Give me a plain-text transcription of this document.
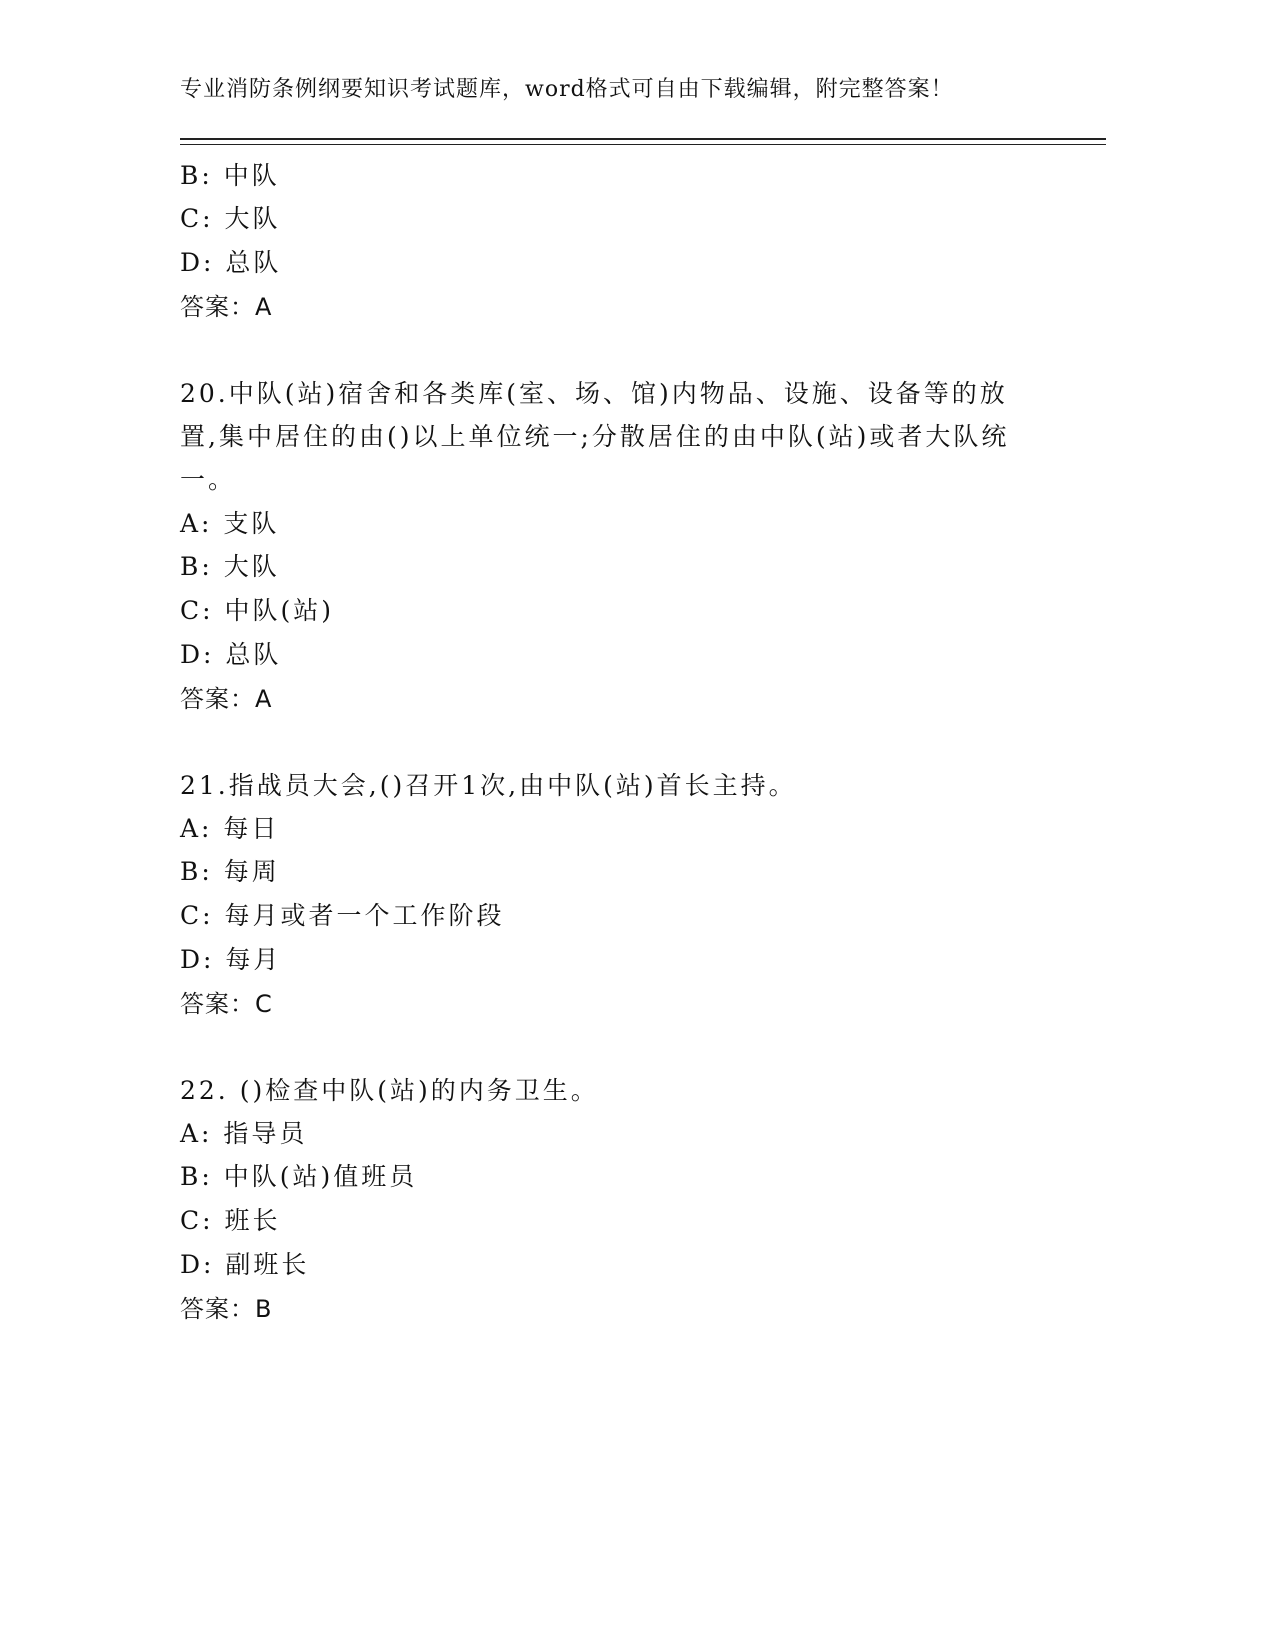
专业消防条例纲要知识考试题库，word格式可自由下载编辑，附完整答案！
B: 中队
C: 大队
D: 总队
答案：A
20.中队(站)宿舍和各类库(室、场、馆)内物品、设施、设备等的放
置,集中居住的由()以上单位统一;分散居住的由中队(站)或者大队统
一。
A: 支队
B: 大队
C: 中队(站)
D: 总队
答案：A
21.指战员大会,()召开1次,由中队(站)首长主持。
A: 每日
B: 每周
C: 每月或者一个工作阶段
D: 每月
答案：C
22. ()检查中队(站)的内务卫生。
A: 指导员
B: 中队(站)值班员
C: 班长
D: 副班长
答案：B
